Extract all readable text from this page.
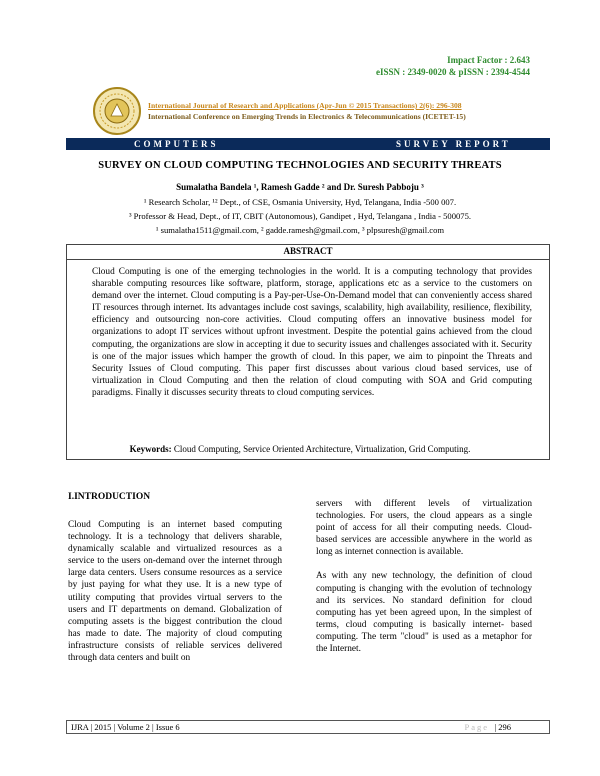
Impact Factor : 2.643
eISSN : 2349-0020 & pISSN : 2394-4544
International Journal of Research and Applications (Apr-Jun © 2015 Transactions) 2(6): 296-308
International Conference on Emerging Trends in Electronics & Telecommunications (ICETET-15)
COMPUTERS	SURVEY REPORT
SURVEY ON CLOUD COMPUTING TECHNOLOGIES AND SECURITY THREATS
Sumalatha Bandela ¹, Ramesh Gadde ² and Dr. Suresh Pabboju ³
¹ Research Scholar, ¹² Dept., of CSE, Osmania University, Hyd, Telangana, India -500 007.
³ Professor & Head, Dept., of IT, CBIT (Autonomous), Gandipet , Hyd, Telangana , India - 500075.
¹ sumalatha1511@gmail.com, ² gadde.ramesh@gmail.com, ³ plpsuresh@gmail.com
ABSTRACT
Cloud Computing is one of the emerging technologies in the world. It is a computing technology that provides sharable computing resources like software, platform, storage, applications etc as a service to the customers on demand over the internet. Cloud computing is a Pay-per-Use-On-Demand model that can conveniently access shared IT resources through internet. Its advantages include cost savings, scalability, high availability, resilience, flexibility, efficiency and outsourcing non-core activities. Cloud computing offers an innovative business model for organizations to adopt IT services without upfront investment. Despite the potential gains achieved from the cloud computing, the organizations are slow in accepting it due to security issues and challenges associated with it. Security is one of the major issues which hamper the growth of cloud. In this paper, we aim to pinpoint the Threats and Security Issues of Cloud computing. This paper first discusses about various cloud based services, use of virtualization in Cloud Computing and then the relation of cloud computing with SOA and Grid computing paradigms. Finally it discusses security threats to cloud computing services.
Keywords: Cloud Computing, Service Oriented Architecture, Virtualization, Grid Computing.
I.INTRODUCTION
Cloud Computing is an internet based computing technology. It is a technology that delivers sharable, dynamically scalable and virtualized resources as a service to the users on-demand over the internet through large data centers. Users consume resources as a service by just paying for what they use. It is a new type of utility computing that provides virtual servers to the users and IT departments on demand. Globalization of computing assets is the biggest contribution the cloud has made to date. The majority of cloud computing infrastructure consists of reliable services delivered through data centers and built on

servers with different levels of virtualization technologies. For users, the cloud appears as a single point of access for all their computing needs. Cloud-based services are accessible anywhere in the world as long as internet connection is available.

As with any new technology, the definition of cloud computing is changing with the evolution of technology and its services. No standard definition for cloud computing has yet been agreed upon, In the simplest of terms, cloud computing is basically internet- based computing. The term "cloud" is used as a metaphor for the Internet.

IJRA | 2015 | Volume 2 | Issue 6	Page | 296
